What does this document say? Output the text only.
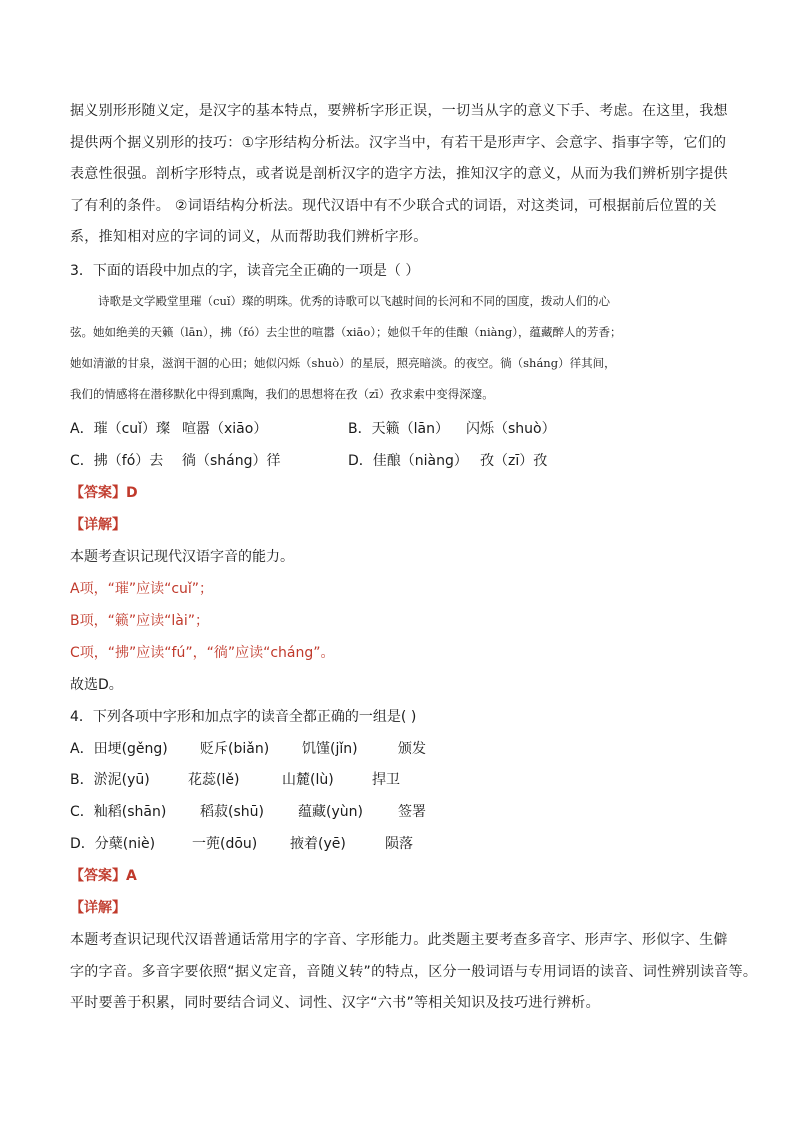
据义别形形随义定，是汉字的基本特点，要辨析字形正误，一切当从字的意义下手、考虑。在这里，我想
提供两个据义别形的技巧：①字形结构分析法。汉字当中，有若干是形声字、会意字、指事字等，它们的
表意性很强。剖析字形特点，或者说是剖析汉字的造字方法，推知汉字的意义，从而为我们辨析别字提供
了有利的条件。 ②词语结构分析法。现代汉语中有不少联合式的词语，对这类词，可根据前后位置的关
系，推知相对应的字词的词义，从而帮助我们辨析字形。
3．下面的语段中加点的字，读音完全正确的一项是（ ）
诗歌是文学殿堂里璀（cuǐ）璨的明珠。优秀的诗歌可以飞越时间的长河和不同的国度，拨动人们的心
弦。她如绝美的天籁（lān），拂（fó）去尘世的喧嚣（xiāo）；她似千年的佳酿（niàng），蕴藏醉人的芳香；
她如清澈的甘泉，滋润干涸的心田；她似闪烁（shuò）的星辰，照亮暗淡。的夜空。徜（sháng）徉其间，
我们的情感将在潜移默化中得到熏陶，我们的思想将在孜（zī）孜求索中变得深邃。
A．璀（cuǐ）璨 喧嚣（xiāo）	B．天籁（lān） 闪烁（shuò）
C．拂（fó）去 徜（sháng）徉	D．佳酿（niàng） 孜（zī）孜
【答案】D
【详解】
本题考查识记现代汉语字音的能力。
A项，“璀”应读“cuǐ”；
B项，“籁”应读“lài”；
C项，“拂”应读“fú”，“徜”应读“cháng”。
故选D。
4．下列各项中字形和加点字的读音全都正确的一组是( )
A．田埂(gěng) 贬斥(biǎn) 饥馑(jǐn)	颁发
B．淤泥(yū)	花蕊(lě)	山麓(lù)	捍卫
C．籼稻(shān) 稻菽(shū) 蕴藏(yùn)	签署
D．分蘖(niè)	一蔸(dōu) 掖着(yē)	陨落
【答案】A
【详解】
本题考查识记现代汉语普通话常用字的字音、字形能力。此类题主要考查多音字、形声字、形似字、生僻
字的字音。多音字要依照“据义定音，音随义转”的特点，区分一般词语与专用词语的读音、词性辨别读音等。
平时要善于积累，同时要结合词义、词性、汉字“六书”等相关知识及技巧进行辨析。
